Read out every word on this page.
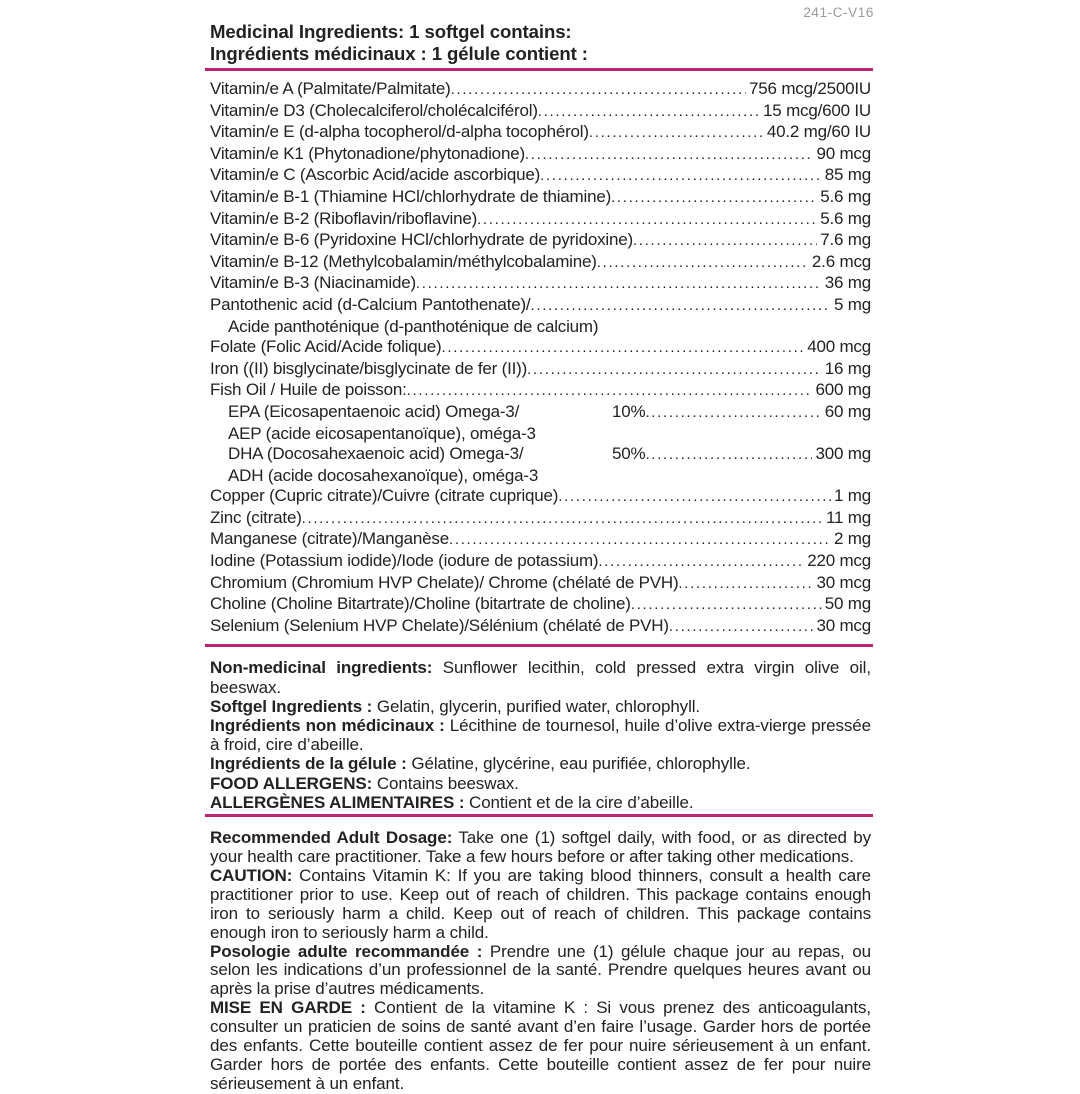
241-C-V16
Medicinal Ingredients: 1 softgel contains:
Ingrédients médicinaux : 1 gélule contient :
Vitamin/e A (Palmitate/Palmitate) .....	756 mcg/2500IU
Vitamin/e D3 (Cholecalciferol/cholécalciférol) .....	15 mcg/600 IU
Vitamin/e E (d-alpha tocopherol/d-alpha tocophérol) .....	40.2 mg/60 IU
Vitamin/e K1 (Phytonadione/phytonadione) .....	90 mcg
Vitamin/e C (Ascorbic Acid/acide ascorbique) .....	85 mg
Vitamin/e B-1 (Thiamine HCl/chlorhydrate de thiamine) .....	5.6 mg
Vitamin/e B-2 (Riboflavin/riboflavine) .....	5.6 mg
Vitamin/e B-6 (Pyridoxine HCl/chlorhydrate de pyridoxine) .....	7.6 mg
Vitamin/e B-12 (Methylcobalamin/méthylcobalamine) .....	2.6 mcg
Vitamin/e B-3 (Niacinamide) .....	36 mg
Pantothenic acid (d-Calcium Pantothenate)/ .....	5 mg
Acide panthoténique (d-panthoténique de calcium)
Folate (Folic Acid/Acide folique) .....	400 mcg
Iron ((II) bisglycinate/bisglycinate de fer (II)) .....	16 mg
Fish Oil / Huile de poisson: .....	600 mg
EPA (Eicosapentaenoic acid) Omega-3/	10% .....	60 mg
AEP (acide eicosapentanoïque), oméga-3
DHA (Docosahexaenoic acid) Omega-3/	50% .....	300 mg
ADH (acide docosahexanoïque), oméga-3
Copper (Cupric citrate)/Cuivre (citrate cuprique) .....	1 mg
Zinc (citrate) .....	11 mg
Manganese (citrate)/Manganèse .....	2 mg
Iodine (Potassium iodide)/Iode (iodure de potassium) .....	220 mcg
Chromium (Chromium HVP Chelate)/ Chrome (chélaté de PVH) .....	30 mcg
Choline (Choline Bitartrate)/Choline (bitartrate de choline) .....	50 mg
Selenium (Selenium HVP Chelate)/Sélénium (chélaté de PVH) .....	30 mcg

Non-medicinal ingredients: Sunflower lecithin, cold pressed extra virgin olive oil, beeswax.

Softgel Ingredients : Gelatin, glycerin, purified water, chlorophyll.

Ingrédients non médicinaux : Lécithine de tournesol, huile d’olive extra-vierge pressée à froid, cire d’abeille.

Ingrédients de la gélule : Gélatine, glycérine, eau purifiée, chlorophylle.

FOOD ALLERGENS: Contains beeswax.

ALLERGÈNES ALIMENTAIRES : Contient et de la cire d’abeille.

Recommended Adult Dosage: Take one (1) softgel daily, with food, or as directed by your health care practitioner. Take a few hours before or after taking other medications.

CAUTION: Contains Vitamin K: If you are taking blood thinners, consult a health care practitioner prior to use. Keep out of reach of children. This package contains enough iron to seriously harm a child. Keep out of reach of children. This package contains enough iron to seriously harm a child.

Posologie adulte recommandée : Prendre une (1) gélule chaque jour au repas, ou selon les indications d’un professionnel de la santé. Prendre quelques heures avant ou après la prise d’autres médicaments.

MISE EN GARDE : Contient de la vitamine K : Si vous prenez des anticoagulants, consulter un praticien de soins de santé avant d’en faire l’usage. Garder hors de portée des enfants. Cette bouteille contient assez de fer pour nuire sérieusement à un enfant. Garder hors de portée des enfants. Cette bouteille contient assez de fer pour nuire sérieusement à un enfant.
